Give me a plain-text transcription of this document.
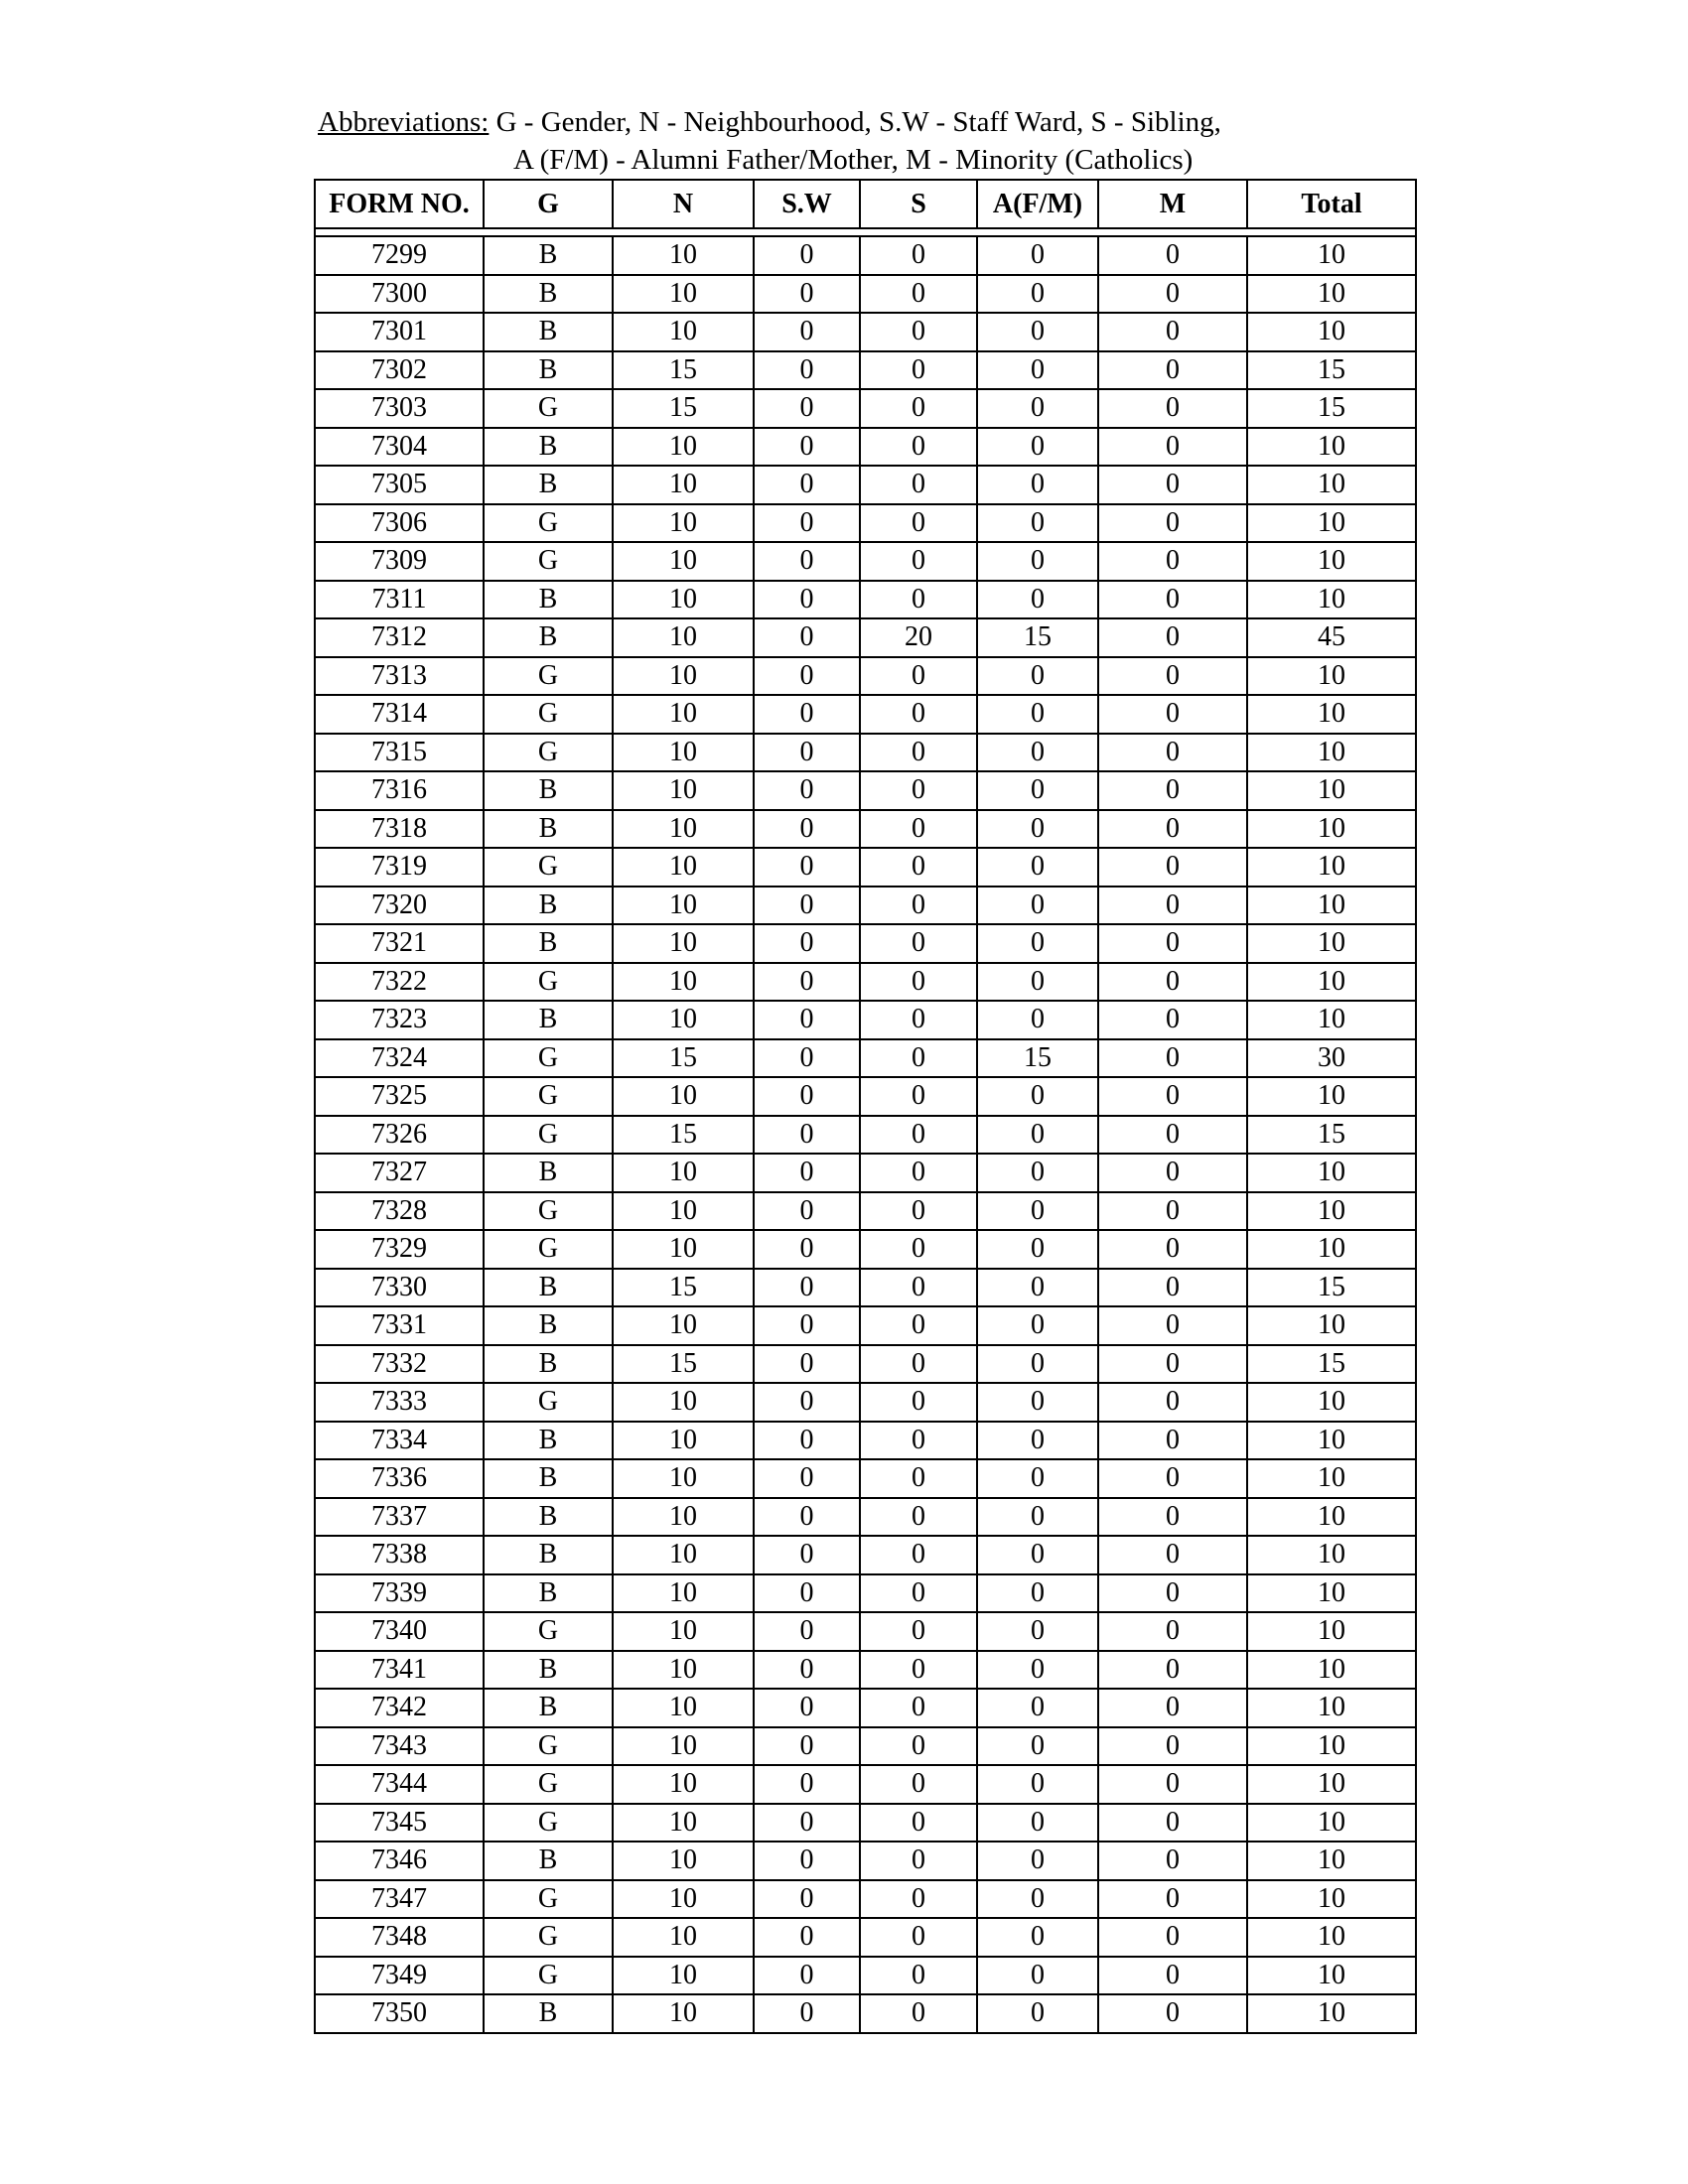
Abbreviations: G - Gender, N - Neighbourhood, S.W - Staff Ward, S - Sibling,
A (F/M) - Alumni Father/Mother, M - Minority (Catholics)
FORM NO.	G	N	S.W	S	A(F/M)	M	Total

7299	B	10	0	0	0	0	10
7300	B	10	0	0	0	0	10
7301	B	10	0	0	0	0	10
7302	B	15	0	0	0	0	15
7303	G	15	0	0	0	0	15
7304	B	10	0	0	0	0	10
7305	B	10	0	0	0	0	10
7306	G	10	0	0	0	0	10
7309	G	10	0	0	0	0	10
7311	B	10	0	0	0	0	10
7312	B	10	0	20	15	0	45
7313	G	10	0	0	0	0	10
7314	G	10	0	0	0	0	10
7315	G	10	0	0	0	0	10
7316	B	10	0	0	0	0	10
7318	B	10	0	0	0	0	10
7319	G	10	0	0	0	0	10
7320	B	10	0	0	0	0	10
7321	B	10	0	0	0	0	10
7322	G	10	0	0	0	0	10
7323	B	10	0	0	0	0	10
7324	G	15	0	0	15	0	30
7325	G	10	0	0	0	0	10
7326	G	15	0	0	0	0	15
7327	B	10	0	0	0	0	10
7328	G	10	0	0	0	0	10
7329	G	10	0	0	0	0	10
7330	B	15	0	0	0	0	15
7331	B	10	0	0	0	0	10
7332	B	15	0	0	0	0	15
7333	G	10	0	0	0	0	10
7334	B	10	0	0	0	0	10
7336	B	10	0	0	0	0	10
7337	B	10	0	0	0	0	10
7338	B	10	0	0	0	0	10
7339	B	10	0	0	0	0	10
7340	G	10	0	0	0	0	10
7341	B	10	0	0	0	0	10
7342	B	10	0	0	0	0	10
7343	G	10	0	0	0	0	10
7344	G	10	0	0	0	0	10
7345	G	10	0	0	0	0	10
7346	B	10	0	0	0	0	10
7347	G	10	0	0	0	0	10
7348	G	10	0	0	0	0	10
7349	G	10	0	0	0	0	10
7350	B	10	0	0	0	0	10
